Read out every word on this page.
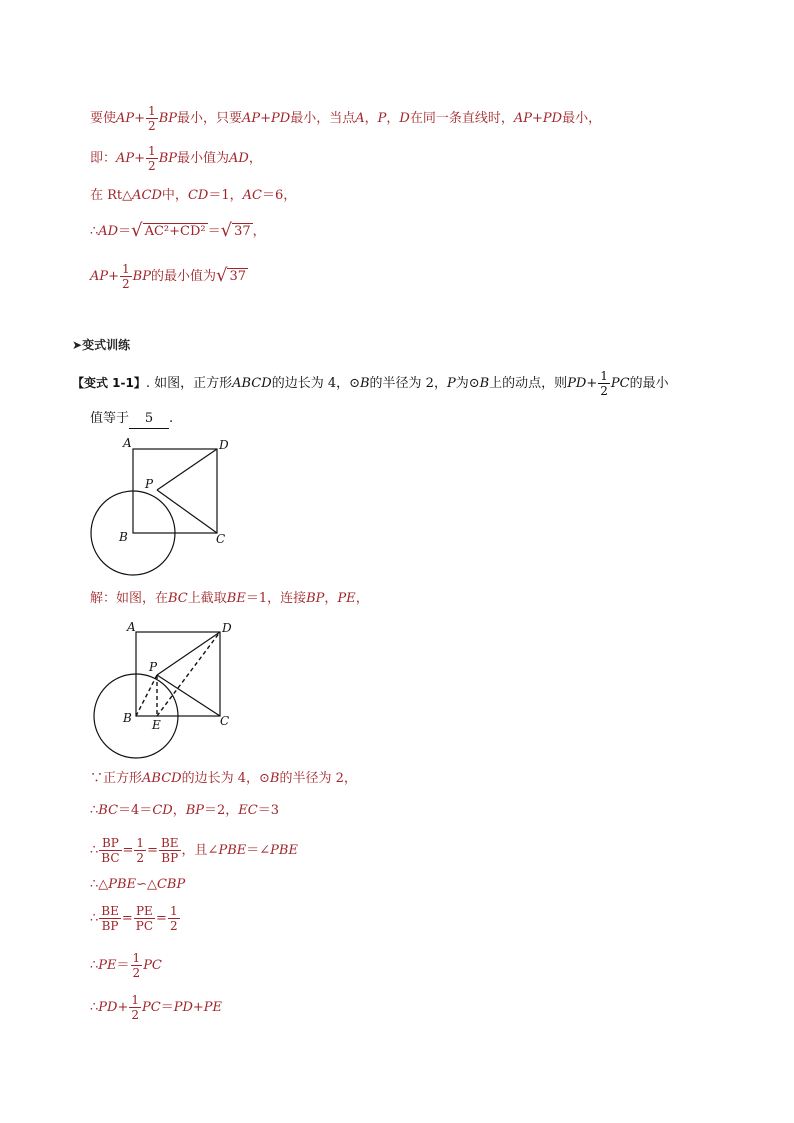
要使$AP+ \frac{1}{2}$ BP最小，只要AP+PD最小，当点A，P，D在同一条直线时，AP+PD最小，
即：$AP+ \frac{1}{2}$ BP最小值为AD，
在 Rt△ACD中，CD＝1，AC＝6，
∴AD＝√ AC²+CD² ＝√ 37 ，
$AP+ \frac{1}{2}$ BP的最小值为√ 37
➤变式训练
【变式 1-1】. 如图，正方形ABCD的边长为 4，⊙B的半径为 2，P为⊙B上的动点，则$PD+ \frac{1}{2}$ PC的最小
值等于 5 .
A	D
P
B	C
解：如图，在BC上截取BE＝1，连接BP，PE，
A	D
P
B E	C
∵正方形ABCD的边长为 4，⊙B的半径为 2，
∴BC＝4＝CD，BP＝2，EC＝3
∴ $\frac{BP}{BC} = \frac{1}{2} = \frac{BE}{BP}$ ，且∠PBE＝∠PBE
∴△PBE∽△CBP
∴ $\frac{BE}{BP} = \frac{PE}{PC} = \frac{1}{2}$
∴PE＝ $\frac{1}{2}$ PC
∴PD+ $\frac{1}{2} PC=PD+PE$
